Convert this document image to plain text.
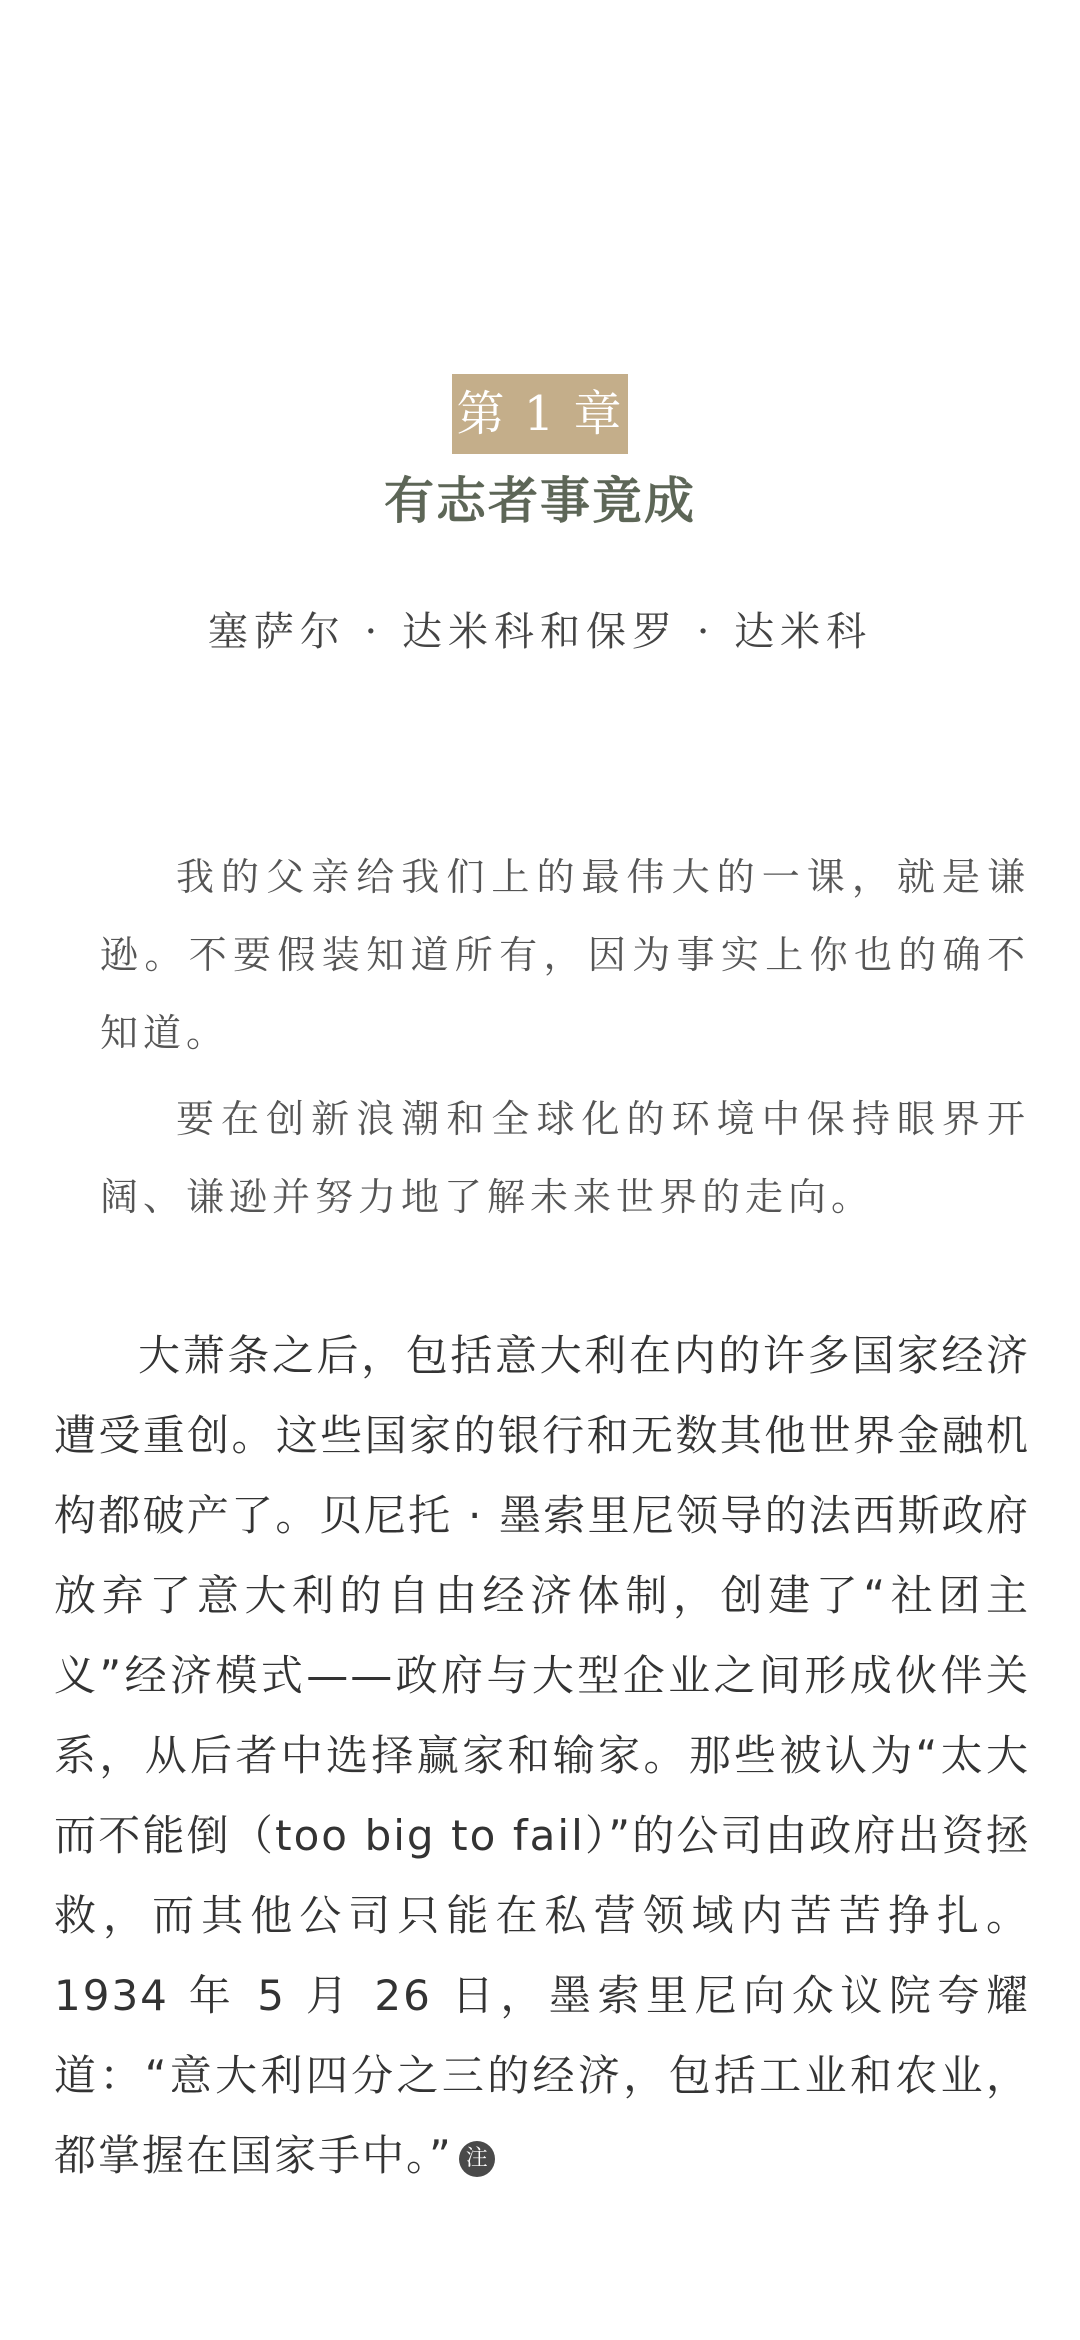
第 1 章
有志者事竟成
塞萨尔 · 达米科和保罗 · 达米科

我的父亲给我们上的最伟大的一课，就是谦逊。不要假装知道所有，因为事实上你也的确不知道。

要在创新浪潮和全球化的环境中保持眼界开阔、谦逊并努力地了解未来世界的走向。

大萧条之后，包括意大利在内的许多国家经济遭受重创。这些国家的银行和无数其他世界金融机构都破产了。贝尼托 · 墨索里尼领导的法西斯政府放弃了意大利的自由经济体制，创建了“社团主义”经济模式——政府与大型企业之间形成伙伴关系，从后者中选择赢家和输家。那些被认为“太大而不能倒（too big to fail）”的公司由政府出资拯救，而其他公司只能在私营领域内苦苦挣扎。1934 年 5 月 26 日，墨索里尼向众议院夸耀道：“意大利四分之三的经济，包括工业和农业，都掌握在国家手中。” 注
